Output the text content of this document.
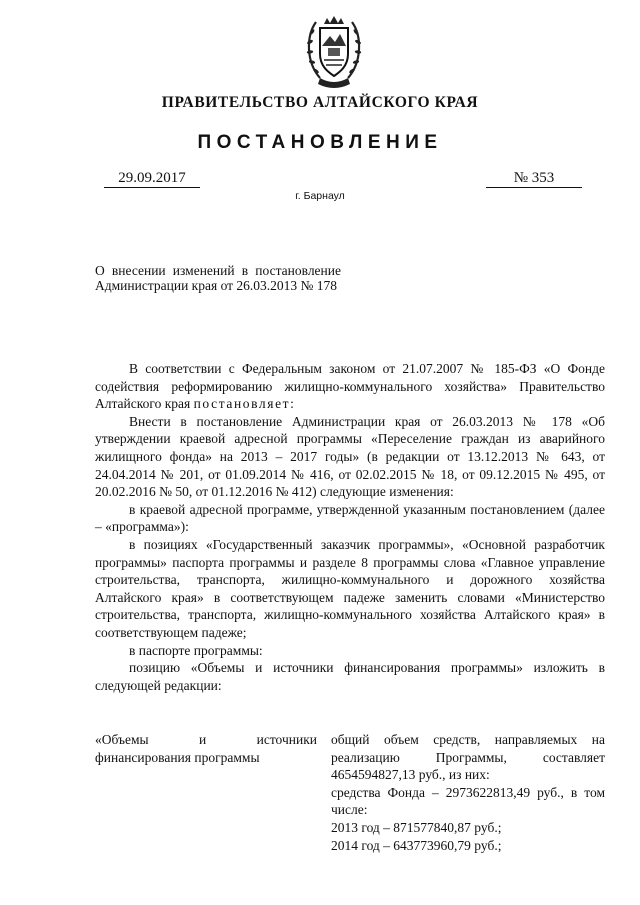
ПРАВИТЕЛЬСТВО АЛТАЙСКОГО КРАЯ
ПОСТАНОВЛЕНИЕ
29.09.2017	№ 353
г. Барнаул
О внесении изменений в постановление Администрации края от 26.03.2013 № 178

В соответствии с Федеральным законом от 21.07.2007 № 185-ФЗ «О Фонде содействия реформированию жилищно-коммунального хозяйства» Правительство Алтайского края постановляет:

Внести в постановление Администрации края от 26.03.2013 № 178 «Об утверждении краевой адресной программы «Переселение граждан из аварийного жилищного фонда» на 2013 – 2017 годы» (в редакции от 13.12.2013 № 643, от 24.04.2014 № 201, от 01.09.2014 № 416, от 02.02.2015 № 18, от 09.12.2015 № 495, от 20.02.2016 № 50, от 01.12.2016 № 412) следующие изменения:

в краевой адресной программе, утвержденной указанным постановлением (далее – «программа»):

в позициях «Государственный заказчик программы», «Основной разработчик программы» паспорта программы и разделе 8 программы слова «Главное управление строительства, транспорта, жилищно-коммунального и дорожного хозяйства Алтайского края» в соответствующем падеже заменить словами «Министерство строительства, транспорта, жилищно-коммунального хозяйства Алтайского края» в соответствующем падеже;

в паспорте программы:

позицию «Объемы и источники финансирования программы» изложить в следующей редакции:

«Объемы и источники финансирования программы
общий объем средств, направляемых на реализацию Программы, составляет 4654594827,13 руб., из них:
средства Фонда – 2973622813,49 руб., в том числе:
2013 год – 871577840,87 руб.;
2014 год – 643773960,79 руб.;
